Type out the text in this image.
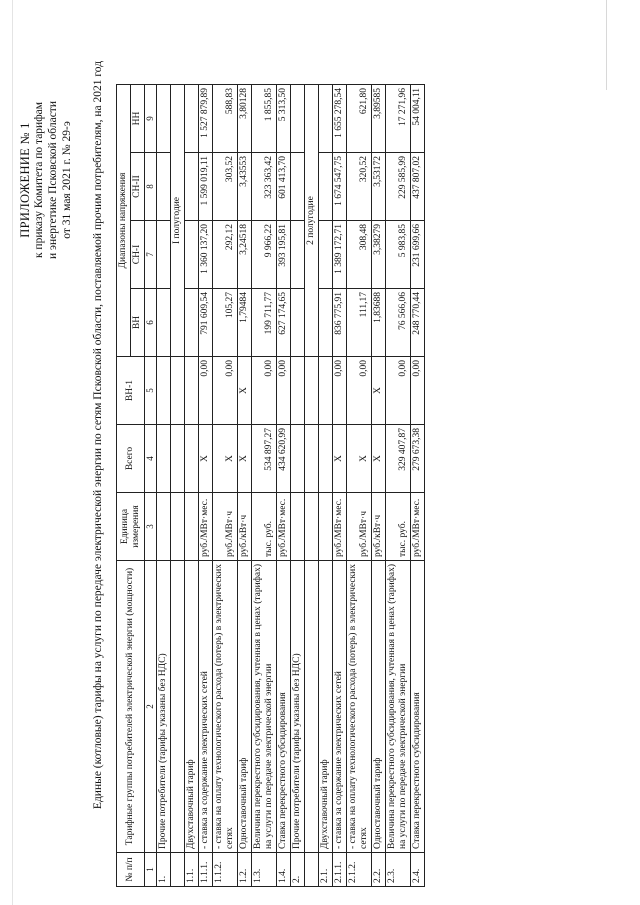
ПРИЛОЖЕНИЕ № 1 к приказу Комитета по тарифам и энергетике Псковской области от 31 мая 2021 г. № 29-э Единые (котловые) тарифы на услуги по передаче электрической энергии по сетям Псковской области, поставляемой прочим потребителям, на 2021 год
№ п/п	Тарифные группы потребителей электрической энергии (мощности)	Единица измерения	Всего	ВН-1	Диапазоны напряжения			
					ВН	СН-I	СН-II	НН
1	2	3	4	5	6	7	8	9
1.	Прочие потребители (тарифы указаны без НДС)							
					I полугодие			
1.1.	Двухставочный тариф							
1.1.1.	- ставка за содержание электрических сетей	руб./МВт·мес.	X	0,00	791 609,54	1 360 137,20	1 599 019,11	1 527 879,89
1.1.2.	- ставка на оплату технологического расхода (потерь) в электрических сетях	руб./МВт·ч	X	0,00	105,27	292,12	303,52	588,83
1.2.	Одноставочный тариф	руб./кВт·ч	X	X	1,79484	3,24518	3,43553	3,80128
1.3.	Величина перекрестного субсидирования, учтенная в ценах (тарифах) на услуги по передаче электрической энергии	тыс. руб.	534 897,27	0,00	199 711,77	9 966,22	323 363,42	1 855,85
1.4.	Ставка перекрестного субсидирования	руб./МВт·мес.	434 620,99	0,00	627 174,65	393 195,81	601 413,70	5 313,50
2.	Прочие потребители (тарифы указаны без НДС)							
					2 полугодие			
2.1.	Двухставочный тариф							
2.1.1.	- ставка за содержание электрических сетей	руб./МВт·мес.	X	0,00	836 775,91	1 389 172,71	1 674 547,75	1 655 278,54
2.1.2.	- ставка на оплату технологического расхода (потерь) в электрических сетях	руб./МВт·ч	X	0,00	111,17	308,48	320,52	621,80
2.2.	Одноставочный тариф	руб./кВт·ч	X	X	1,83688	3,38279	3,53172	3,89585
2.3.	Величина перекрестного субсидирования, учтенная в ценах (тарифах) на услуги по передаче электрической энергии	тыс. руб.	329 407,87	0,00	76 566,06	5 983,85	229 585,99	17 271,96
2.4.	Ставка перекрестного субсидирования	руб./МВт·мес.	279 673,38	0,00	248 770,44	231 699,66	437 807,02	54 004,11
